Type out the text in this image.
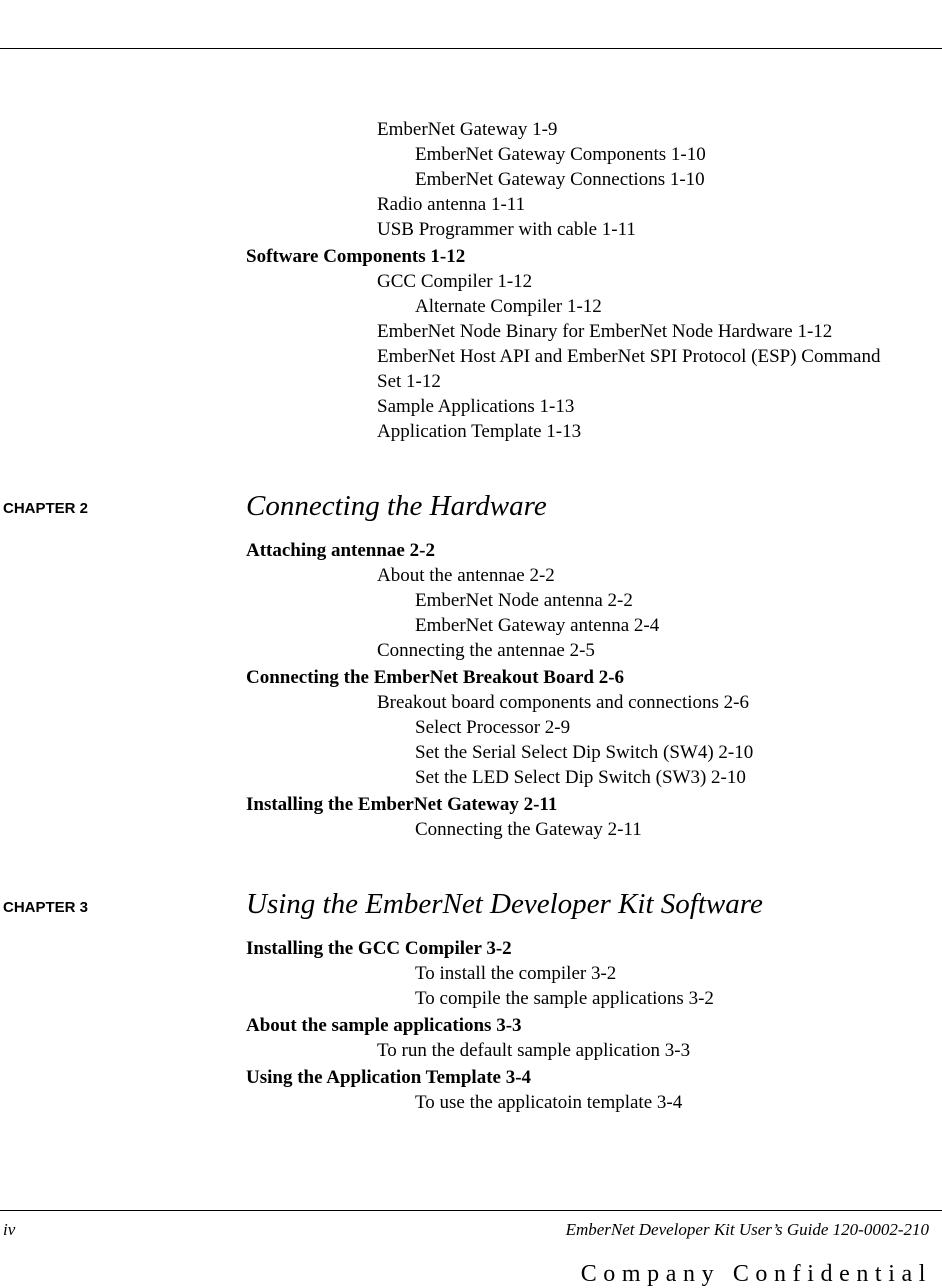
EmberNet Gateway 1-9
EmberNet Gateway Components 1-10
EmberNet Gateway Connections 1-10
Radio antenna 1-11
USB Programmer with cable 1-11
Software Components 1-12
GCC Compiler 1-12
Alternate Compiler 1-12
EmberNet Node Binary for EmberNet Node Hardware 1-12
EmberNet Host API and EmberNet SPI Protocol (ESP) Command
Set 1-12
Sample Applications 1-13
Application Template 1-13
CHAPTER 2	Connecting the Hardware
Attaching antennae 2-2
About the antennae 2-2
EmberNet Node antenna 2-2
EmberNet Gateway antenna 2-4
Connecting the antennae 2-5
Connecting the EmberNet Breakout Board 2-6
Breakout board components and connections 2-6
Select Processor 2-9
Set the Serial Select Dip Switch (SW4) 2-10
Set the LED Select Dip Switch (SW3) 2-10
Installing the EmberNet Gateway 2-11
Connecting the Gateway 2-11
CHAPTER 3	Using the EmberNet Developer Kit Software
Installing the GCC Compiler 3-2
To install the compiler 3-2
To compile the sample applications 3-2
About the sample applications 3-3
To run the default sample application 3-3
Using the Application Template 3-4
To use the applicatoin template 3-4
iv	EmberNet Developer Kit User’s Guide 120-0002-210
Company Confidential
